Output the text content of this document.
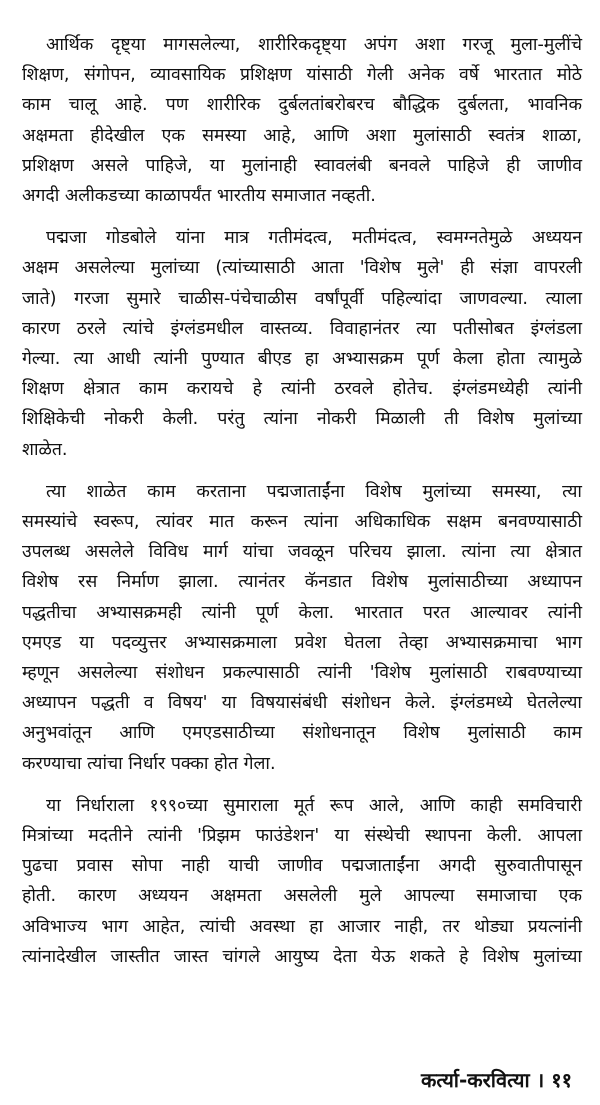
आर्थिक दृष्ट्या मागसलेल्या, शारीरिकदृष्ट्या अपंग अशा गरजू मुला-मुलींचे
शिक्षण, संगोपन, व्यावसायिक प्रशिक्षण यांसाठी गेली अनेक वर्षे भारतात मोठे
काम चालू आहे. पण शारीरिक दुर्बलतांबरोबरच बौद्धिक दुर्बलता, भावनिक
अक्षमता हीदेखील एक समस्या आहे, आणि अशा मुलांसाठी स्वतंत्र शाळा,
प्रशिक्षण असले पाहिजे, या मुलांनाही स्वावलंबी बनवले पाहिजे ही जाणीव
अगदी अलीकडच्या काळापर्यंत भारतीय समाजात नव्हती.
पद्मजा गोडबोले यांना मात्र गतीमंदत्व, मतीमंदत्व, स्वमग्नतेमुळे अध्ययन
अक्षम असलेल्या मुलांच्या (त्यांच्यासाठी आता 'विशेष मुले' ही संज्ञा वापरली
जाते) गरजा सुमारे चाळीस-पंचेचाळीस वर्षांपूर्वी पहिल्यांदा जाणवल्या. त्याला
कारण ठरले त्यांचे इंग्लंडमधील वास्तव्य. विवाहानंतर त्या पतीसोबत इंग्लंडला
गेल्या. त्या आधी त्यांनी पुण्यात बीएड हा अभ्यासक्रम पूर्ण केला होता त्यामुळे
शिक्षण क्षेत्रात काम करायचे हे त्यांनी ठरवले होतेच. इंग्लंडमध्येही त्यांनी
शिक्षिकेची नोकरी केली. परंतु त्यांना नोकरी मिळाली ती विशेष मुलांच्या
शाळेत.
त्या शाळेत काम करताना पद्मजाताईंना विशेष मुलांच्या समस्या, त्या
समस्यांचे स्वरूप, त्यांवर मात करून त्यांना अधिकाधिक सक्षम बनवण्यासाठी
उपलब्ध असलेले विविध मार्ग यांचा जवळून परिचय झाला. त्यांना त्या क्षेत्रात
विशेष रस निर्माण झाला. त्यानंतर कॅनडात विशेष मुलांसाठीच्या अध्यापन
पद्धतीचा अभ्यासक्रमही त्यांनी पूर्ण केला. भारतात परत आल्यावर त्यांनी
एमएड या पदव्युत्तर अभ्यासक्रमाला प्रवेश घेतला तेव्हा अभ्यासक्रमाचा भाग
म्हणून असलेल्या संशोधन प्रकल्पासाठी त्यांनी 'विशेष मुलांसाठी राबवण्याच्या
अध्यापन पद्धती व विषय' या विषयासंबंधी संशोधन केले. इंग्लंडमध्ये घेतलेल्या
अनुभवांतून आणि एमएडसाठीच्या संशोधनातून विशेष मुलांसाठी काम
करण्याचा त्यांचा निर्धार पक्का होत गेला.
या निर्धाराला १९९०च्या सुमाराला मूर्त रूप आले, आणि काही समविचारी
मित्रांच्या मदतीने त्यांनी 'प्रिझम फाउंडेशन' या संस्थेची स्थापना केली. आपला
पुढचा प्रवास सोपा नाही याची जाणीव पद्मजाताईंना अगदी सुरुवातीपासून
होती. कारण अध्ययन अक्षमता असलेली मुले आपल्या समाजाचा एक
अविभाज्य भाग आहेत, त्यांची अवस्था हा आजार नाही, तर थोड्या प्रयत्नांनी
त्यांनादेखील जास्तीत जास्त चांगले आयुष्य देता येऊ शकते हे विशेष मुलांच्या
कर्त्या-करवित्या । ११
